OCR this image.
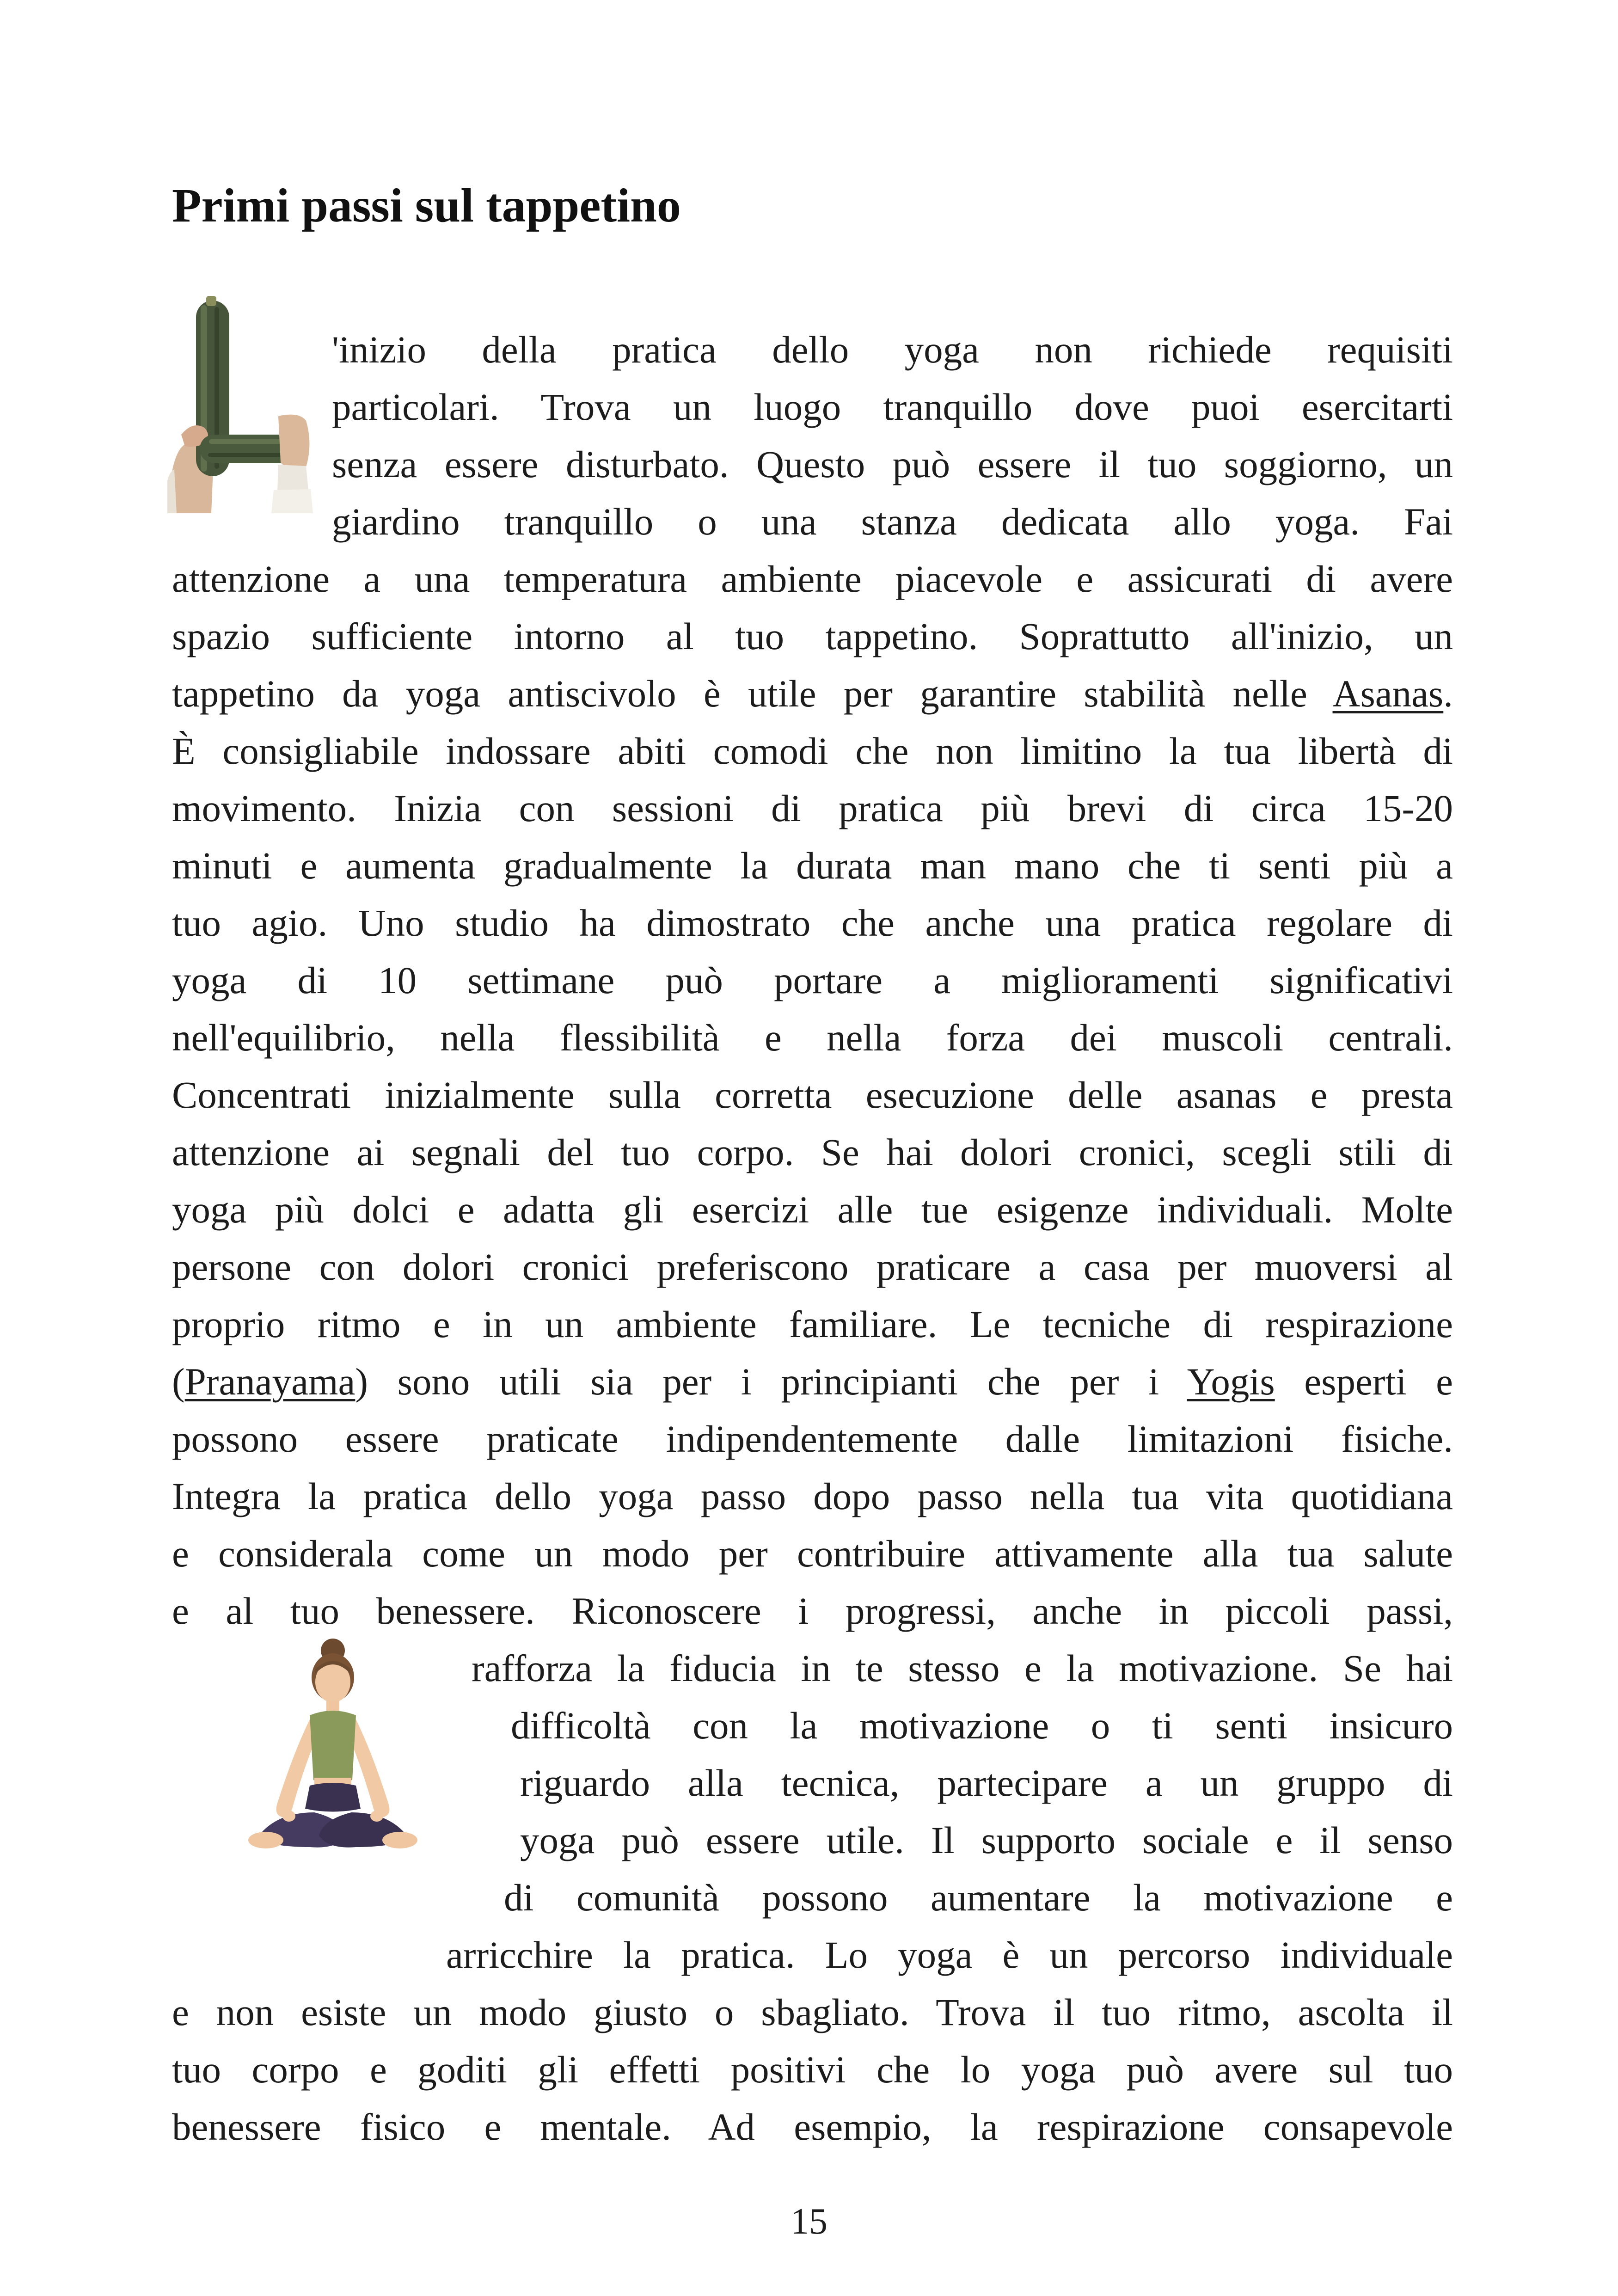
Primi passi sul tappetino
'inizio della pratica dello yoga non richiede requisiti
particolari. Trova un luogo tranquillo dove puoi esercitarti
senza essere disturbato. Questo può essere il tuo soggiorno, un
giardino tranquillo o una stanza dedicata allo yoga. Fai
attenzione a una temperatura ambiente piacevole e assicurati di avere
spazio sufficiente intorno al tuo tappetino. Soprattutto all'inizio, un
tappetino da yoga antiscivolo è utile per garantire stabilità nelle Asanas.
È consigliabile indossare abiti comodi che non limitino la tua libertà di
movimento. Inizia con sessioni di pratica più brevi di circa 15-20
minuti e aumenta gradualmente la durata man mano che ti senti più a
tuo agio. Uno studio ha dimostrato che anche una pratica regolare di
yoga di 10 settimane può portare a miglioramenti significativi
nell'equilibrio, nella flessibilità e nella forza dei muscoli centrali.
Concentrati inizialmente sulla corretta esecuzione delle asanas e presta
attenzione ai segnali del tuo corpo. Se hai dolori cronici, scegli stili di
yoga più dolci e adatta gli esercizi alle tue esigenze individuali. Molte
persone con dolori cronici preferiscono praticare a casa per muoversi al
proprio ritmo e in un ambiente familiare. Le tecniche di respirazione
(Pranayama) sono utili sia per i principianti che per i Yogis esperti e
possono essere praticate indipendentemente dalle limitazioni fisiche.
Integra la pratica dello yoga passo dopo passo nella tua vita quotidiana
e considerala come un modo per contribuire attivamente alla tua salute
e al tuo benessere. Riconoscere i progressi, anche in piccoli passi,
rafforza la fiducia in te stesso e la motivazione. Se hai
difficoltà con la motivazione o ti senti insicuro
riguardo alla tecnica, partecipare a un gruppo di
yoga può essere utile. Il supporto sociale e il senso
di comunità possono aumentare la motivazione e
arricchire la pratica. Lo yoga è un percorso individuale
e non esiste un modo giusto o sbagliato. Trova il tuo ritmo, ascolta il
tuo corpo e goditi gli effetti positivi che lo yoga può avere sul tuo
benessere fisico e mentale. Ad esempio, la respirazione consapevole
15
